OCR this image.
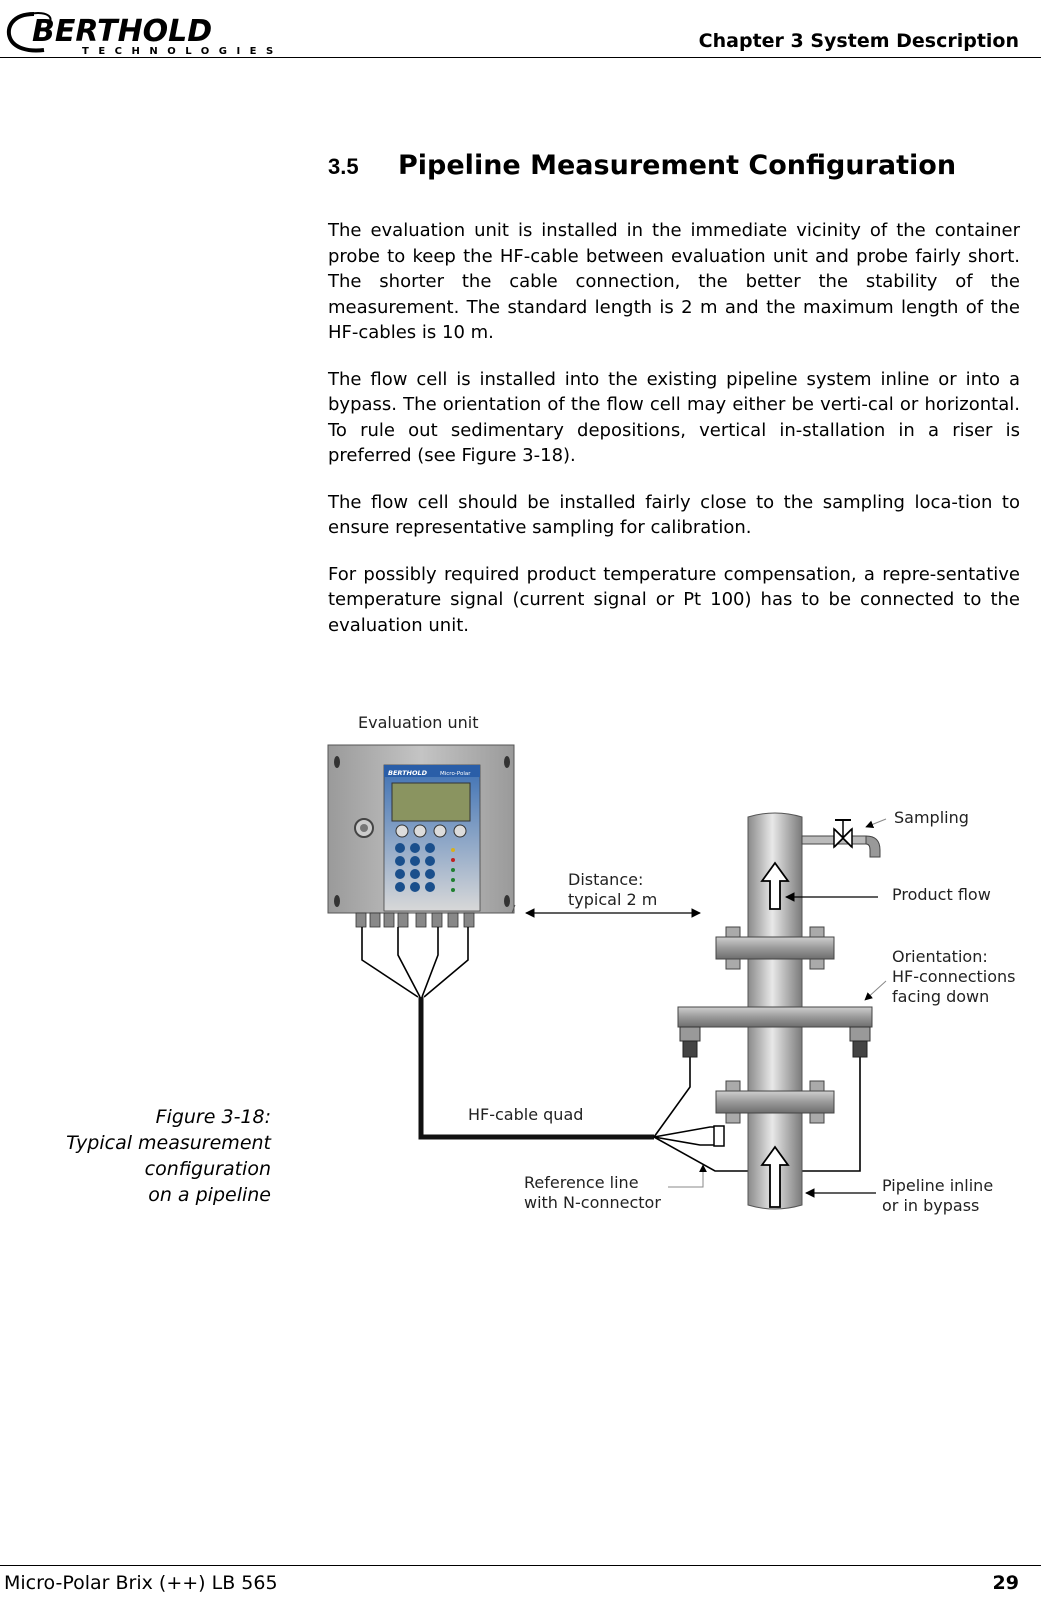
BERTHOLD
TECHNOLOGIES	Chapter 3 System Description
3.5 Pipeline Measurement Configuration

The evaluation unit is installed in the immediate vicinity of the container probe to keep the HF-cable between evaluation unit and probe fairly short. The shorter the cable connection, the better the stability of the measurement. The standard length is 2 m and the maximum length of the HF-cables is 10 m.

The flow cell is installed into the existing pipeline system inline or into a bypass. The orientation of the flow cell may either be verti-cal or horizontal. To rule out sedimentary depositions, vertical in-stallation in a riser is preferred (see Figure 3-18).

The flow cell should be installed fairly close to the sampling loca-tion to ensure representative sampling for calibration.

For possibly required product temperature compensation, a repre-sentative temperature signal (current signal or Pt 100) has to be connected to the evaluation unit.

Figure 3-18:
Typical measurement
configuration
on a pipeline
BERTHOLD Micro-Polar
Evaluation unit
Sampling
Distance:
typical 2 m	Product flow
Orientation:
HF-connections
facing down
HF-cable quad
Reference line
with N-connector
Pipeline inline
or in bypass
Micro-Polar Brix (++) LB 565	29
